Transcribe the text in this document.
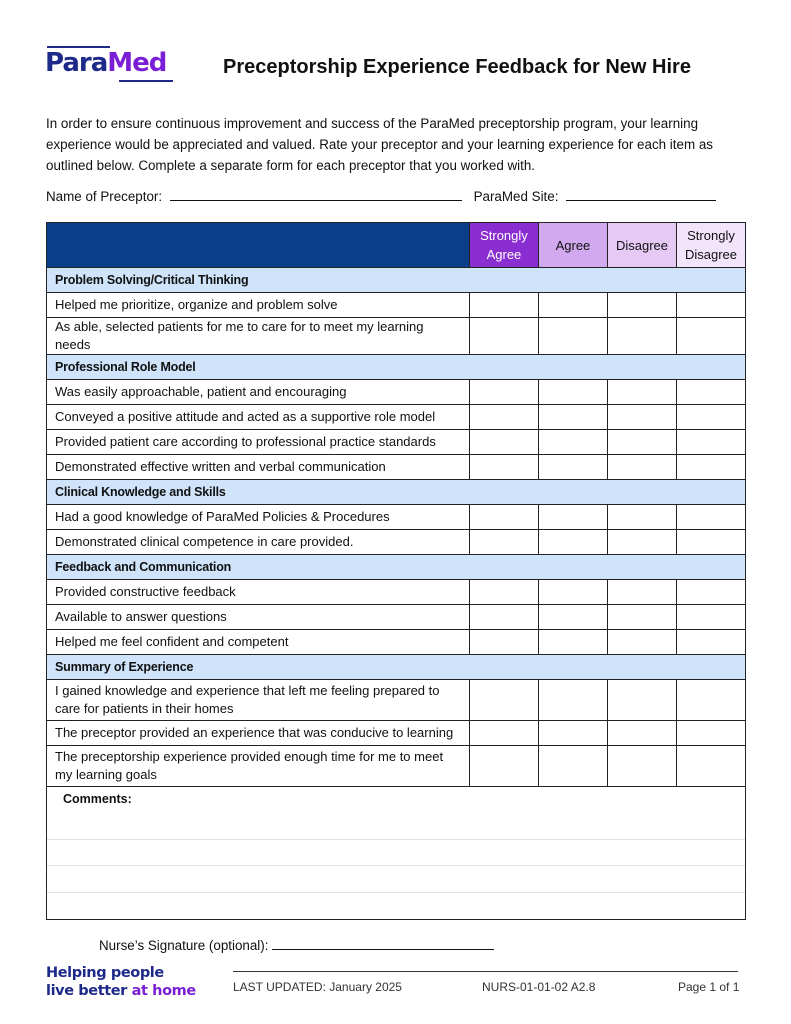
ParaMed	Preceptorship Experience Feedback for New Hire
In order to ensure continuous improvement and success of the ParaMed preceptorship program, your learning experience would be appreciated and valued. Rate your preceptor and your learning experience for each item as outlined below. Complete a separate form for each preceptor that you worked with.
Name of Preceptor:	ParaMed Site:
	Strongly Agree	Agree	Disagree	Strongly Disagree
Problem Solving/Critical Thinking				
Helped me prioritize, organize and problem solve				
As able, selected patients for me to care for to meet my learning needs				
Professional Role Model				
Was easily approachable, patient and encouraging				
Conveyed a positive attitude and acted as a supportive role model				
Provided patient care according to professional practice standards				
Demonstrated effective written and verbal communication				
Clinical Knowledge and Skills				
Had a good knowledge of ParaMed Policies & Procedures				
Demonstrated clinical competence in care provided.				
Feedback and Communication				
Provided constructive feedback				
Available to answer questions				
Helped me feel confident and competent				
Summary of Experience				
I gained knowledge and experience that left me feeling prepared to care for patients in their homes				
The preceptor provided an experience that was conducive to learning				
The preceptorship experience provided enough time for me to meet my learning goals				

Comments:				
Nurse’s Signature (optional):
Helping people
live better at home	LAST UPDATED: January 2025	NURS-01-01-02 A2.8	Page 1 of 1
